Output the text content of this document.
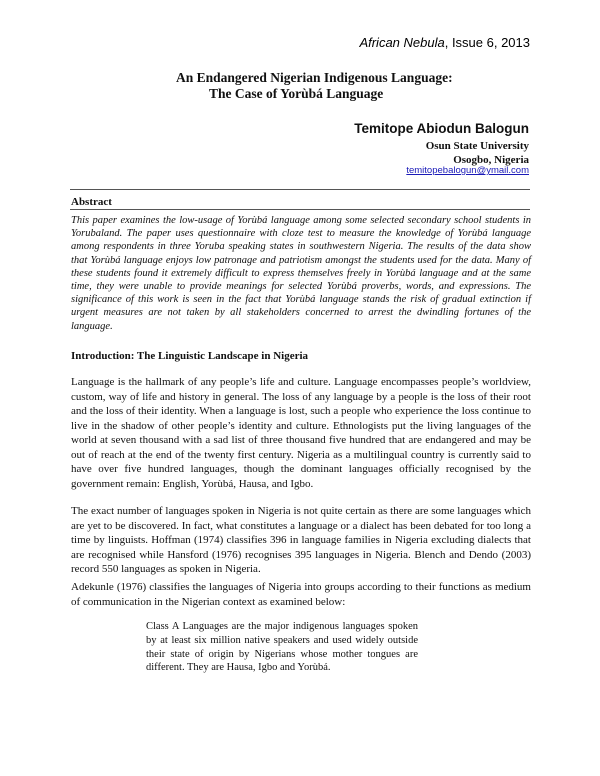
African Nebula, Issue 6, 2013
An Endangered Nigerian Indigenous Language:
The Case of Yorùbá Language
Temitope Abiodun Balogun
Osun State University
Osogbo, Nigeria
temitopebalogun@ymail.com
Abstract
This paper examines the low-usage of Yorùbá language among some selected secondary school students in Yorubaland. The paper uses questionnaire with cloze test to measure the knowledge of Yorùbá language among respondents in three Yoruba speaking states in southwestern Nigeria. The results of the data show that Yorùbá language enjoys low patronage and patriotism amongst the students used for the data. Many of these students found it extremely difficult to express themselves freely in Yorùbá language and at the same time, they were unable to provide meanings for selected Yorùbá proverbs, words, and expressions. The significance of this work is seen in the fact that Yorùbá language stands the risk of gradual extinction if urgent measures are not taken by all stakeholders concerned to arrest the dwindling fortunes of the language.
Introduction: The Linguistic Landscape in Nigeria

Language is the hallmark of any people’s life and culture. Language encompasses people’s worldview, custom, way of life and history in general. The loss of any language by a people is the loss of their root and the loss of their identity. When a language is lost, such a people who experience the loss continue to live in the shadow of other people’s identity and culture. Ethnologists put the living languages of the world at seven thousand with a sad list of three thousand five hundred that are endangered and may be out of reach at the end of the twenty first century. Nigeria as a multilingual country is currently said to have over five hundred languages, though the dominant languages officially recognised by the government remain: English, Yorùbá, Hausa, and Igbo.

The exact number of languages spoken in Nigeria is not quite certain as there are some languages which are yet to be discovered. In fact, what constitutes a language or a dialect has been debated for too long a time by linguists. Hoffman (1974) classifies 396 in language families in Nigeria excluding dialects that are recognised while Hansford (1976) recognises 395 languages in Nigeria. Blench and Dendo (2003) record 550 languages as spoken in Nigeria.

Adekunle (1976) classifies the languages of Nigeria into groups according to their functions as medium of communication in the Nigerian context as examined below:

Class A Languages are the major indigenous languages spoken by at least six million native speakers and used widely outside their state of origin by Nigerians whose mother tongues are different. They are Hausa, Igbo and Yorùbá.
